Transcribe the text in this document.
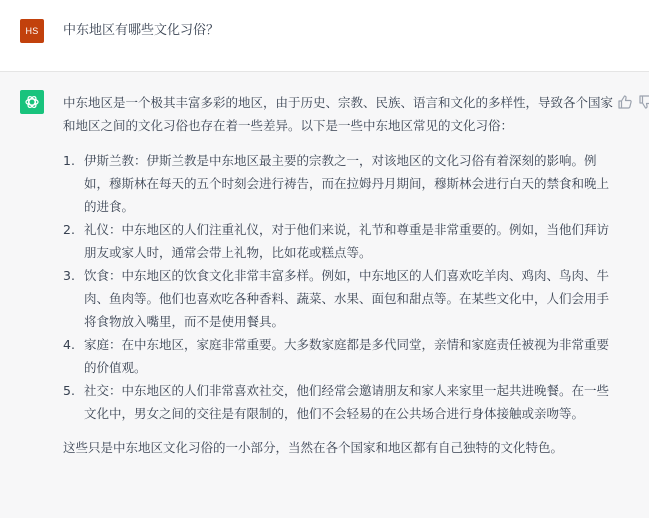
HS	中东地区有哪些文化习俗？

中东地区是一个极其丰富多彩的地区，由于历史、宗教、民族、语言和文化的多样性，导致各个国家和地区之间的文化习俗也存在着一些差异。以下是一些中东地区常见的文化习俗：

1. 伊斯兰教：伊斯兰教是中东地区最主要的宗教之一，对该地区的文化习俗有着深刻的影响。例如，穆斯林在每天的五个时刻会进行祷告，而在拉姆丹月期间，穆斯林会进行白天的禁食和晚上的进食。
2. 礼仪：中东地区的人们注重礼仪，对于他们来说，礼节和尊重是非常重要的。例如，当他们拜访朋友或家人时，通常会带上礼物，比如花或糕点等。
3. 饮食：中东地区的饮食文化非常丰富多样。例如，中东地区的人们喜欢吃羊肉、鸡肉、鸟肉、牛肉、鱼肉等。他们也喜欢吃各种香料、蔬菜、水果、面包和甜点等。在某些文化中，人们会用手将食物放入嘴里，而不是使用餐具。
4. 家庭：在中东地区，家庭非常重要。大多数家庭都是多代同堂，亲情和家庭责任被视为非常重要的价值观。
5. 社交：中东地区的人们非常喜欢社交，他们经常会邀请朋友和家人来家里一起共进晚餐。在一些文化中，男女之间的交往是有限制的，他们不会轻易的在公共场合进行身体接触或亲吻等。

这些只是中东地区文化习俗的一小部分，当然在各个国家和地区都有自己独特的文化特色。
